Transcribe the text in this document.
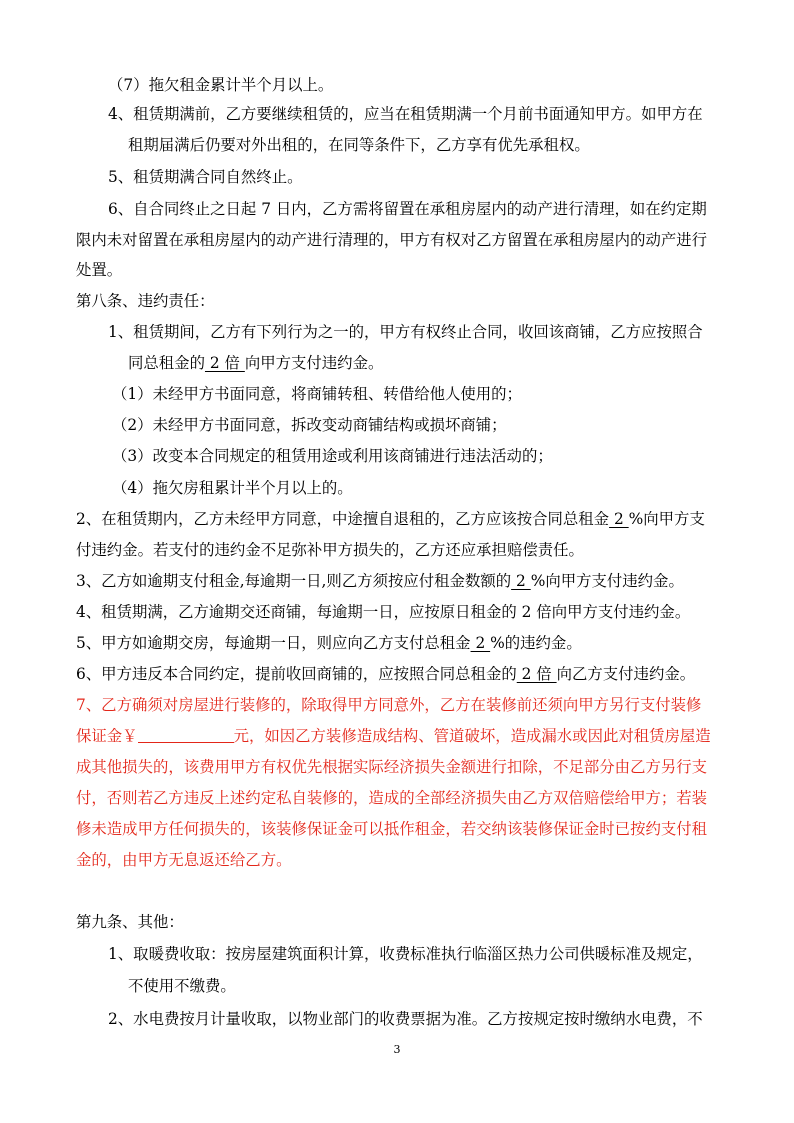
（7）拖欠租金累计半个月以上。
4、租赁期满前，乙方要继续租赁的，应当在租赁期满一个月前书面通知甲方。如甲方在
租期届满后仍要对外出租的，在同等条件下，乙方享有优先承租权。
5、租赁期满合同自然终止。
6、自合同终止之日起 7 日内，乙方需将留置在承租房屋内的动产进行清理，如在约定期
限内未对留置在承租房屋内的动产进行清理的，甲方有权对乙方留置在承租房屋内的动产进行
处置。
第八条、违约责任：
1、租赁期间，乙方有下列行为之一的，甲方有权终止合同，收回该商铺，乙方应按照合
同总租金的 2 倍 向甲方支付违约金。
（1）未经甲方书面同意，将商铺转租、转借给他人使用的；
（2）未经甲方书面同意，拆改变动商铺结构或损坏商铺；
（3）改变本合同规定的租赁用途或利用该商铺进行违法活动的；
（4）拖欠房租累计半个月以上的。
2、在租赁期内，乙方未经甲方同意，中途擅自退租的，乙方应该按合同总租金 2 %向甲方支
付违约金。若支付的违约金不足弥补甲方损失的，乙方还应承担赔偿责任。
3、乙方如逾期支付租金,每逾期一日,则乙方须按应付租金数额的 2 %向甲方支付违约金。
4、租赁期满，乙方逾期交还商铺，每逾期一日，应按原日租金的 2 倍向甲方支付违约金。
5、甲方如逾期交房，每逾期一日，则应向乙方支付总租金 2 %的违约金。
6、甲方违反本合同约定，提前收回商铺的，应按照合同总租金的 2 倍 向乙方支付违约金。
7、乙方确须对房屋进行装修的，除取得甲方同意外，乙方在装修前还须向甲方另行支付装修
保证金￥	元，如因乙方装修造成结构、管道破坏，造成漏水或因此对租赁房屋造
成其他损失的，该费用甲方有权优先根据实际经济损失金额进行扣除，不足部分由乙方另行支
付，否则若乙方违反上述约定私自装修的，造成的全部经济损失由乙方双倍赔偿给甲方；若装
修未造成甲方任何损失的，该装修保证金可以抵作租金，若交纳该装修保证金时已按约支付租
金的，由甲方无息返还给乙方。
第九条、其他：
1、取暖费收取：按房屋建筑面积计算，收费标准执行临淄区热力公司供暖标准及规定，
不使用不缴费。
2、水电费按月计量收取，以物业部门的收费票据为准。乙方按规定按时缴纳水电费，不
3
